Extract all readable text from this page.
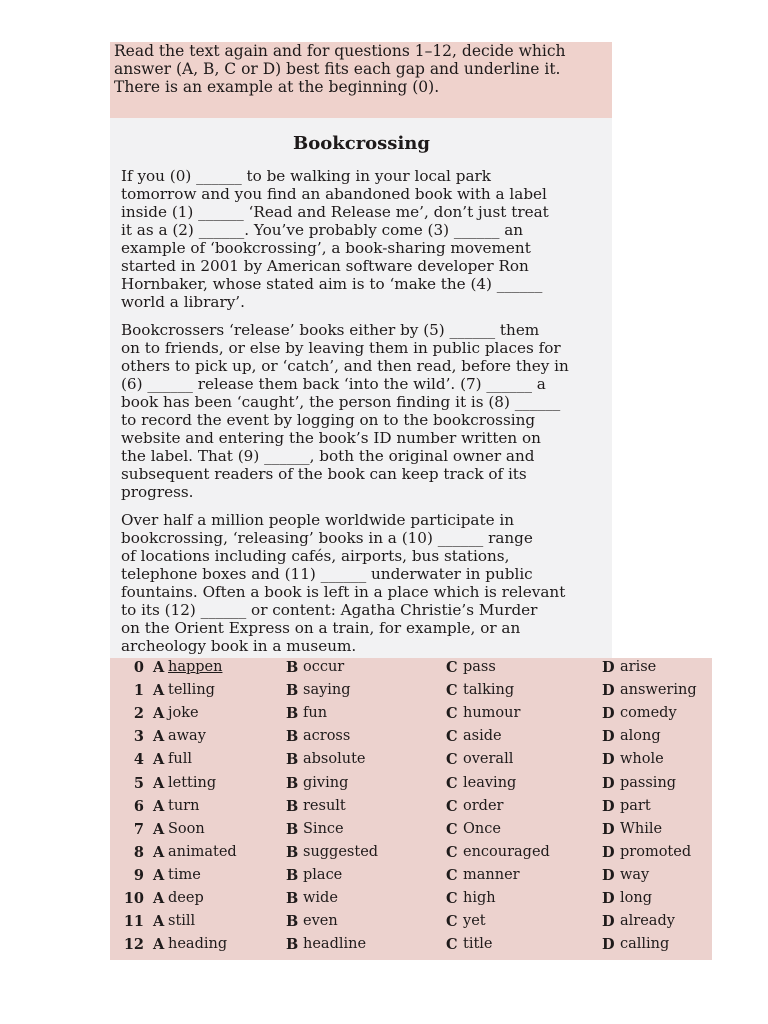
Read the text again and for questions 1–12, decide which
answer (A, B, C or D) best fits each gap and underline it.
There is an example at the beginning (0).
Bookcrossing
If you (0) ______ to be walking in your local park
tomorrow and you find an abandoned book with a label
inside (1) ______ ‘Read and Release me’, don’t just treat
it as a (2) ______. You’ve probably come (3) ______ an
example of ‘bookcrossing’, a book-sharing movement
started in 2001 by American software developer Ron
Hornbaker, whose stated aim is to ‘make the (4) ______
world a library’.
Bookcrossers ‘release’ books either by (5) ______ them
on to friends, or else by leaving them in public places for
others to pick up, or ‘catch’, and then read, before they in
(6) ______ release them back ‘into the wild’. (7) ______ a
book has been ‘caught’, the person finding it is (8) ______
to record the event by logging on to the bookcrossing
website and entering the book’s ID number written on
the label. That (9) ______, both the original owner and
subsequent readers of the book can keep track of its
progress.
Over half a million people worldwide participate in
bookcrossing, ‘releasing’ books in a (10) ______ range
of locations including cafés, airports, bus stations,
telephone boxes and (11) ______ underwater in public
fountains. Often a book is left in a place which is relevant
to its (12) ______ or content: Agatha Christie’s Murder
on the Orient Express on a train, for example, or an
archeology book in a museum.
0 A happen	B occur	C pass	D arise
1 A telling	B saying	C talking	D answering
2 A joke	B fun	C humour	D comedy
3 A away	B across	C aside	D along
4 A full	B absolute	C overall	D whole
5 A letting	B giving	C leaving	D passing
6 A turn	B result	C order	D part
7 A Soon	B Since	C Once	D While
8 A animated	B suggested	C encouraged	D promoted
9 A time	B place	C manner	D way
10 A deep	B wide	C high	D long
11 A still	B even	C yet	D already
12 A heading	B headline	C title	D calling
